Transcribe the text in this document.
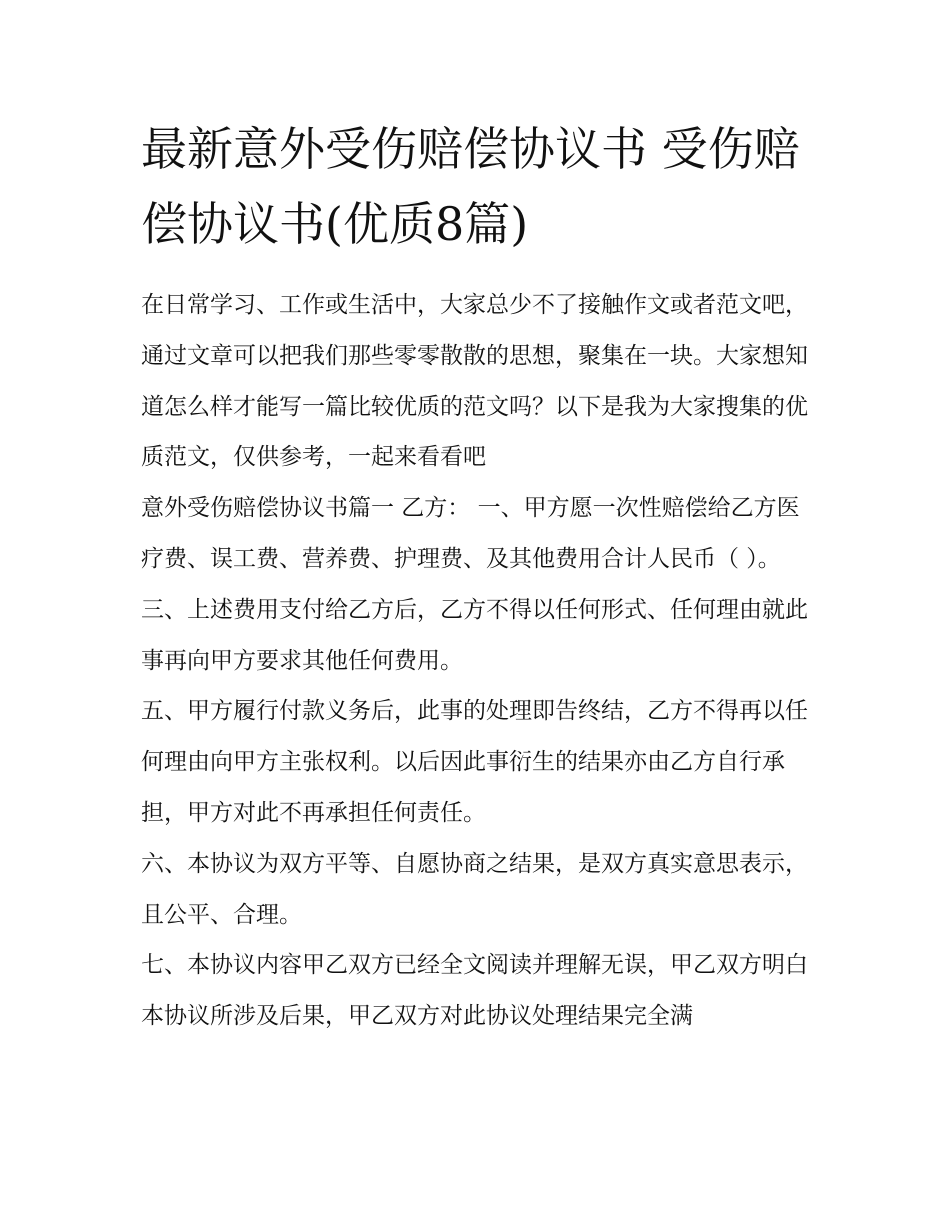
最新意外受伤赔偿协议书 受伤赔偿协议书(优质8篇)

在日常学习、工作或生活中，大家总少不了接触作文或者范文吧，通过文章可以把我们那些零零散散的思想，聚集在一块。大家想知道怎么样才能写一篇比较优质的范文吗？以下是我为大家搜集的优质范文，仅供参考，一起来看看吧

意外受伤赔偿协议书篇一 乙方： 一、甲方愿一次性赔偿给乙方医疗费、误工费、营养费、护理费、及其他费用合计人民币（ ）。

三、上述费用支付给乙方后，乙方不得以任何形式、任何理由就此事再向甲方要求其他任何费用。

五、甲方履行付款义务后，此事的处理即告终结，乙方不得再以任何理由向甲方主张权利。以后因此事衍生的结果亦由乙方自行承担，甲方对此不再承担任何责任。

六、本协议为双方平等、自愿协商之结果，是双方真实意思表示，且公平、合理。

七、本协议内容甲乙双方已经全文阅读并理解无误，甲乙双方明白本协议所涉及后果，甲乙双方对此协议处理结果完全满
